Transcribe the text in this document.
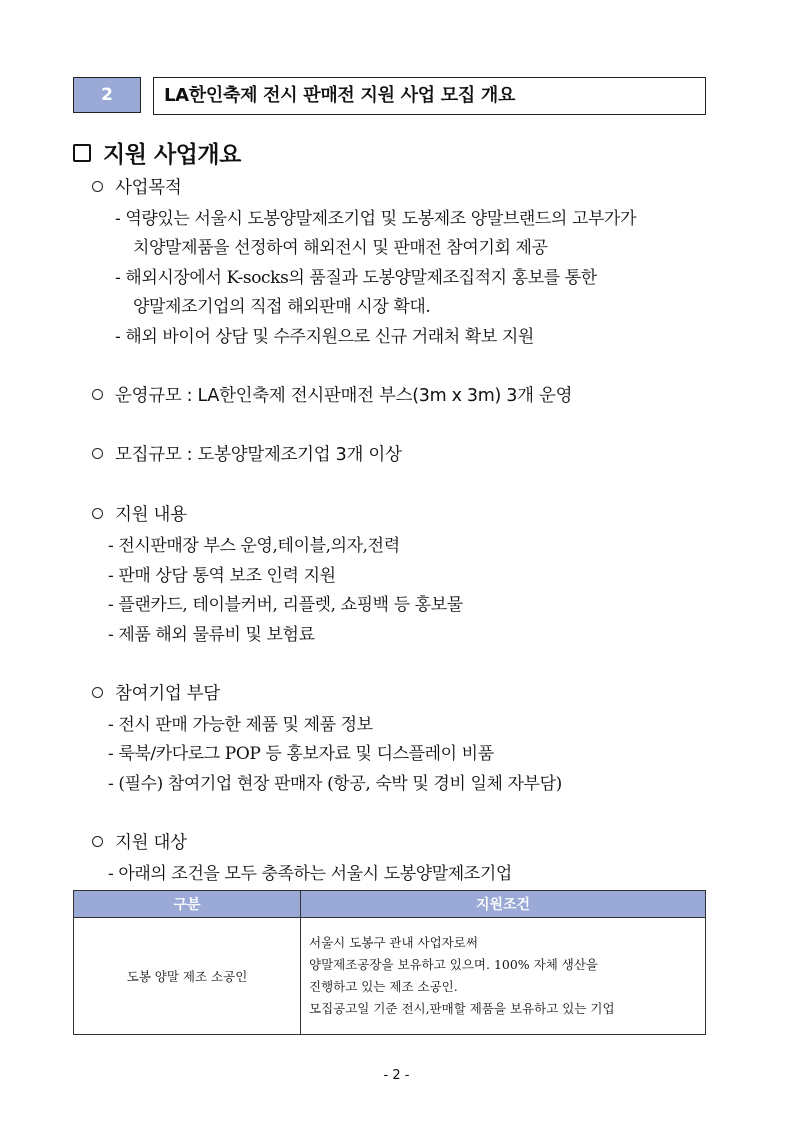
2	LA한인축제 전시 판매전 지원 사업 모집 개요
지원 사업개요
사업목적
- 역량있는 서울시 도봉양말제조기업 및 도봉제조 양말브랜드의 고부가가
치양말제품을 선정하여 해외전시 및 판매전 참여기회 제공
- 해외시장에서 K-socks의 품질과 도봉양말제조집적지 홍보를 통한
양말제조기업의 직접 해외판매 시장 확대.
- 해외 바이어 상담 및 수주지원으로 신규 거래처 확보 지원
운영규모 : LA한인축제 전시판매전 부스(3m x 3m) 3개 운영
모집규모 : 도봉양말제조기업 3개 이상
지원 내용
- 전시판매장 부스 운영,테이블,의자,전력
- 판매 상담 통역 보조 인력 지원
- 플랜카드, 테이블커버, 리플렛, 쇼핑백 등 홍보물
- 제품 해외 물류비 및 보험료
참여기업 부담
- 전시 판매 가능한 제품 및 제품 정보
- 룩북/카다로그 POP 등 홍보자료 및 디스플레이 비품
- (필수) 참여기업 현장 판매자 (항공, 숙박 및 경비 일체 자부담)
지원 대상
- 아래의 조건을 모두 충족하는 서울시 도봉양말제조기업
구분	지원조건
도봉 양말 제조 소공인	서울시 도봉구 관내 사업자로써
양말제조공장을 보유하고 있으며. 100% 자체 생산을
진행하고 있는 제조 소공인.
모집공고일 기준 전시,판매할 제품을 보유하고 있는 기업
- 2 -
